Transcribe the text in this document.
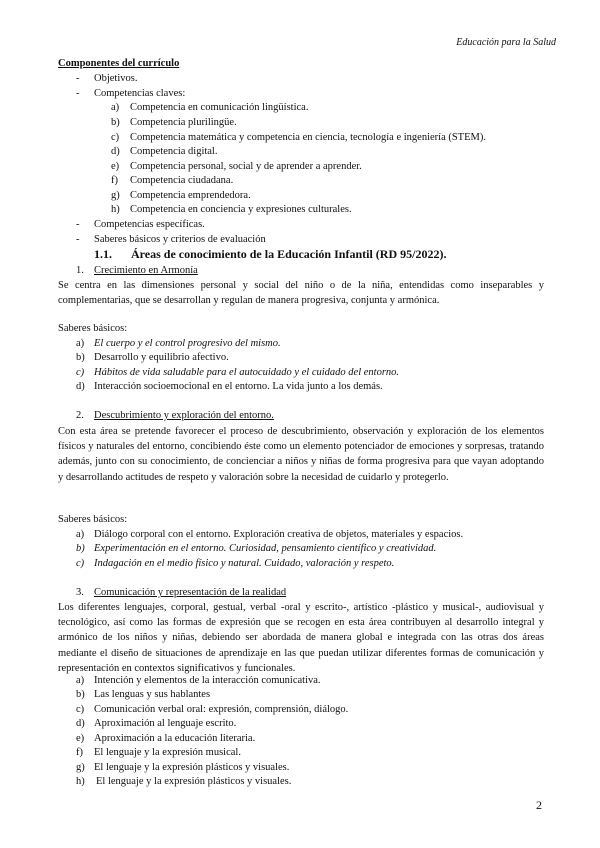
Educación para la Salud
Componentes del currículo
- Objetivos.
- Competencias claves:
a) Competencia en comunicación lingüística.
b) Competencia plurilingüe.
c) Competencia matemática y competencia en ciencia, tecnología e ingeniería (STEM).
d) Competencia digital.
e) Competencia personal, social y de aprender a aprender.
f) Competencia ciudadana.
g) Competencia emprendedora.
h) Competencia en conciencia y expresiones culturales.
- Competencias específicas.
- Saberes básicos y criterios de evaluación
1.1. Áreas de conocimiento de la Educación Infantil (RD 95/2022).
1. Crecimiento en Armonía
Se centra en las dimensiones personal y social del niño o de la niña, entendidas como inseparables y complementarias, que se desarrollan y regulan de manera progresiva, conjunta y armónica.
Saberes básicos:
a) El cuerpo y el control progresivo del mismo.
b) Desarrollo y equilibrio afectivo.
c) Hábitos de vida saludable para el autocuidado y el cuidado del entorno.
d) Interacción socioemocional en el entorno. La vida junto a los demás.
2. Descubrimiento y exploración del entorno.
Con esta área se pretende favorecer el proceso de descubrimiento, observación y exploración de los elementos físicos y naturales del entorno, concibiendo éste como un elemento potenciador de emociones y sorpresas, tratando además, junto con su conocimiento, de concienciar a niños y niñas de forma progresiva para que vayan adoptando y desarrollando actitudes de respeto y valoración sobre la necesidad de cuidarlo y protegerlo.
Saberes básicos:
a) Diálogo corporal con el entorno. Exploración creativa de objetos, materiales y espacios.
b) Experimentación en el entorno. Curiosidad, pensamiento científico y creatividad.
c) Indagación en el medio físico y natural. Cuidado, valoración y respeto.
3. Comunicación y representación de la realidad
Los diferentes lenguajes, corporal, gestual, verbal -oral y escrito-, artístico -plástico y musical-, audiovisual y tecnológico, así como las formas de expresión que se recogen en esta área contribuyen al desarrollo integral y armónico de los niños y niñas, debiendo ser abordada de manera global e integrada con las otras dos áreas mediante el diseño de situaciones de aprendizaje en las que puedan utilizar diferentes formas de comunicación y representación en contextos significativos y funcionales.
a) Intención y elementos de la interacción comunicativa.
b) Las lenguas y sus hablantes
c) Comunicación verbal oral: expresión, comprensión, diálogo.
d) Aproximación al lenguaje escrito.
e) Aproximación a la educación literaria.
f) El lenguaje y la expresión musical.
g) El lenguaje y la expresión plásticos y visuales.
h) El lenguaje y la expresión plásticos y visuales.
2
